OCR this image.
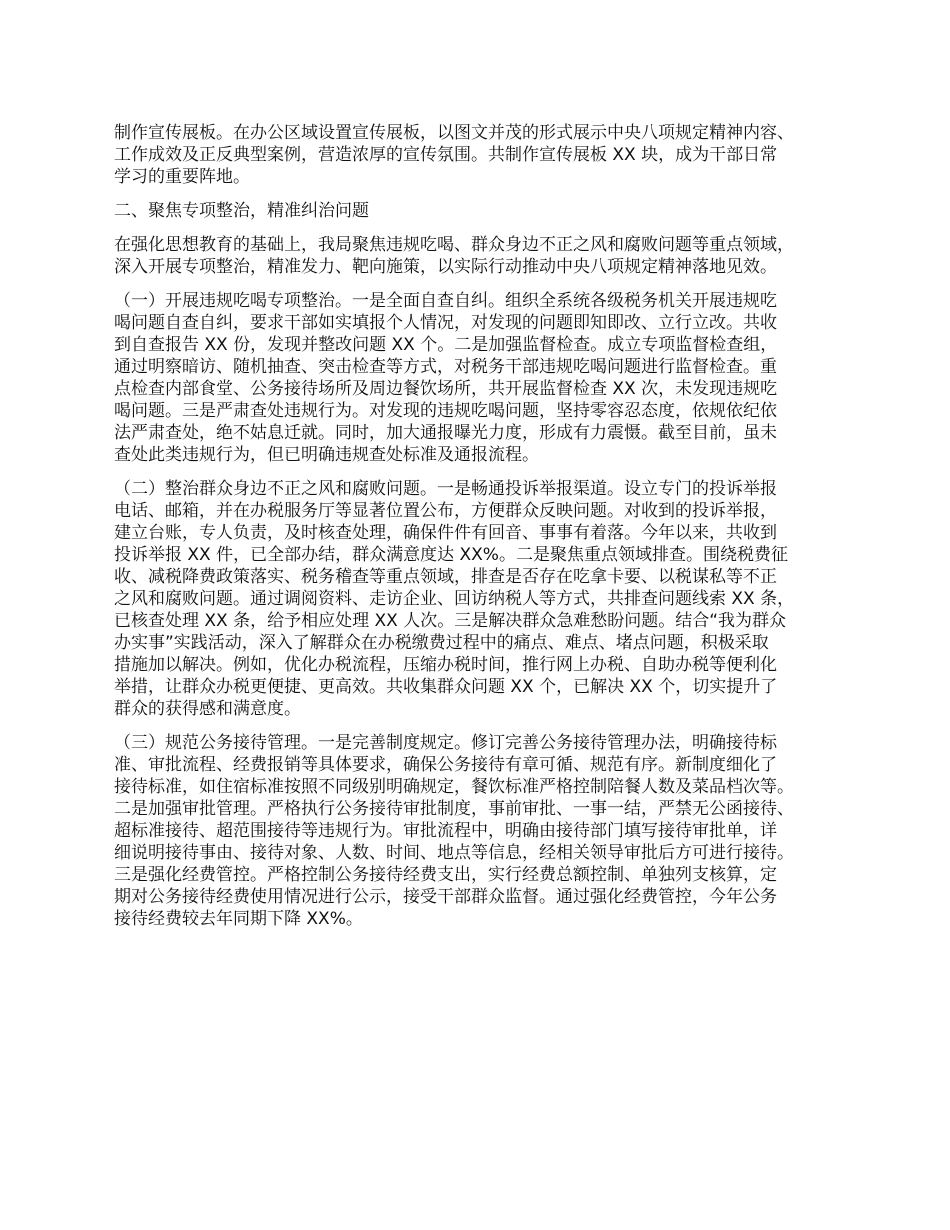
制作宣传展板。在办公区域设置宣传展板，以图文并茂的形式展示中央八项规定精神内容、
工作成效及正反典型案例，营造浓厚的宣传氛围。共制作宣传展板 XX 块，成为干部日常
学习的重要阵地。
二、聚焦专项整治，精准纠治问题
在强化思想教育的基础上，我局聚焦违规吃喝、群众身边不正之风和腐败问题等重点领域，
深入开展专项整治，精准发力、靶向施策，以实际行动推动中央八项规定精神落地见效。
（一）开展违规吃喝专项整治。一是全面自查自纠。组织全系统各级税务机关开展违规吃
喝问题自查自纠，要求干部如实填报个人情况，对发现的问题即知即改、立行立改。共收
到自查报告 XX 份，发现并整改问题 XX 个。二是加强监督检查。成立专项监督检查组，
通过明察暗访、随机抽查、突击检查等方式，对税务干部违规吃喝问题进行监督检查。重
点检查内部食堂、公务接待场所及周边餐饮场所，共开展监督检查 XX 次，未发现违规吃
喝问题。三是严肃查处违规行为。对发现的违规吃喝问题，坚持零容忍态度，依规依纪依
法严肃查处，绝不姑息迁就。同时，加大通报曝光力度，形成有力震慑。截至目前，虽未
查处此类违规行为，但已明确违规查处标准及通报流程。
（二）整治群众身边不正之风和腐败问题。一是畅通投诉举报渠道。设立专门的投诉举报
电话、邮箱，并在办税服务厅等显著位置公布，方便群众反映问题。对收到的投诉举报，
建立台账，专人负责，及时核查处理，确保件件有回音、事事有着落。今年以来，共收到
投诉举报 XX 件，已全部办结，群众满意度达 XX%。二是聚焦重点领域排查。围绕税费征
收、减税降费政策落实、税务稽查等重点领域，排查是否存在吃拿卡要、以税谋私等不正
之风和腐败问题。通过调阅资料、走访企业、回访纳税人等方式，共排查问题线索 XX 条，
已核查处理 XX 条，给予相应处理 XX 人次。三是解决群众急难愁盼问题。结合“我为群众
办实事”实践活动，深入了解群众在办税缴费过程中的痛点、难点、堵点问题，积极采取
措施加以解决。例如，优化办税流程，压缩办税时间，推行网上办税、自助办税等便利化
举措，让群众办税更便捷、更高效。共收集群众问题 XX 个，已解决 XX 个，切实提升了
群众的获得感和满意度。
（三）规范公务接待管理。一是完善制度规定。修订完善公务接待管理办法，明确接待标
准、审批流程、经费报销等具体要求，确保公务接待有章可循、规范有序。新制度细化了
接待标准，如住宿标准按照不同级别明确规定，餐饮标准严格控制陪餐人数及菜品档次等。
二是加强审批管理。严格执行公务接待审批制度，事前审批、一事一结，严禁无公函接待、
超标准接待、超范围接待等违规行为。审批流程中，明确由接待部门填写接待审批单，详
细说明接待事由、接待对象、人数、时间、地点等信息，经相关领导审批后方可进行接待。
三是强化经费管控。严格控制公务接待经费支出，实行经费总额控制、单独列支核算，定
期对公务接待经费使用情况进行公示，接受干部群众监督。通过强化经费管控，今年公务
接待经费较去年同期下降 XX%。
